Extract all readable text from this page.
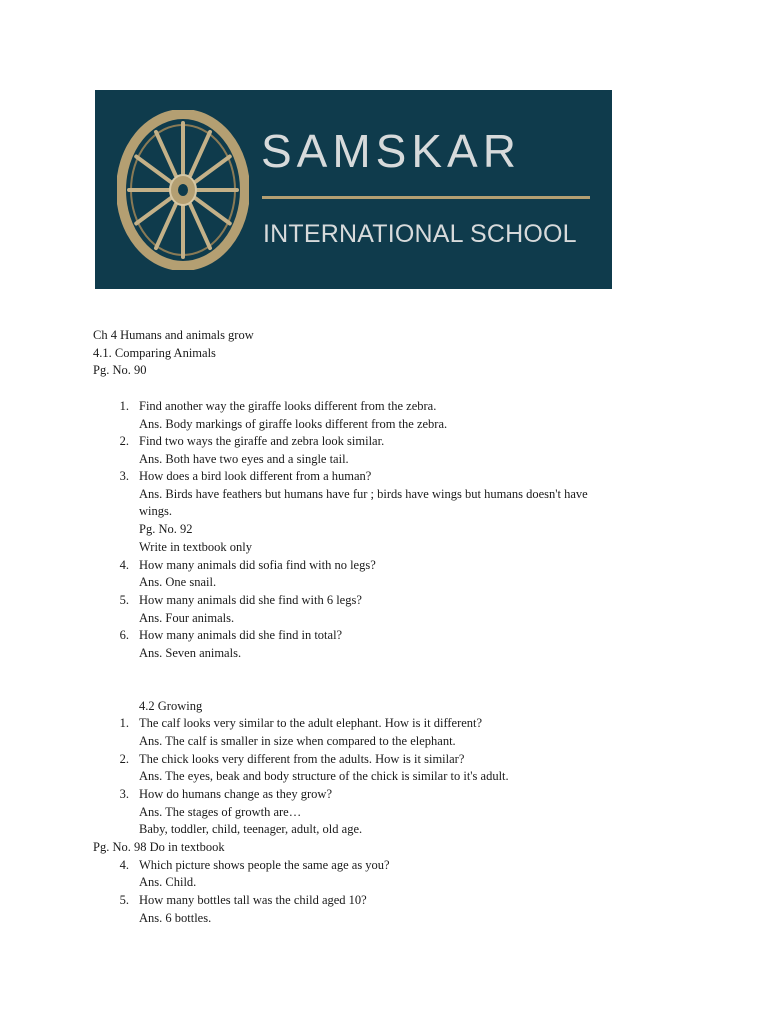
SAMSKAR
INTERNATIONAL SCHOOL
Ch 4 Humans and animals grow
4.1. Comparing Animals
Pg. No. 90
1. Find another way the giraffe looks different from the zebra.
Ans. Body markings of giraffe looks different from the zebra.
2. Find two ways the giraffe and zebra look similar.
Ans. Both have two eyes and a single tail.
3. How does a bird look different from a human?
Ans. Birds have feathers but humans have fur ; birds have wings but humans doesn't have
wings.
Pg. No. 92
Write in textbook only
4. How many animals did sofia find with no legs?
Ans. One snail.
5. How many animals did she find with 6 legs?
Ans. Four animals.
6. How many animals did she find in total?
Ans. Seven animals.
4.2 Growing
1. The calf looks very similar to the adult elephant. How is it different?
Ans. The calf is smaller in size when compared to the elephant.
2. The chick looks very different from the adults. How is it similar?
Ans. The eyes, beak and body structure of the chick is similar to it's adult.
3. How do humans change as they grow?
Ans. The stages of growth are…
Baby, toddler, child, teenager, adult, old age.
Pg. No. 98 Do in textbook
4. Which picture shows people the same age as you?
Ans. Child.
5. How many bottles tall was the child aged 10?
Ans. 6 bottles.
